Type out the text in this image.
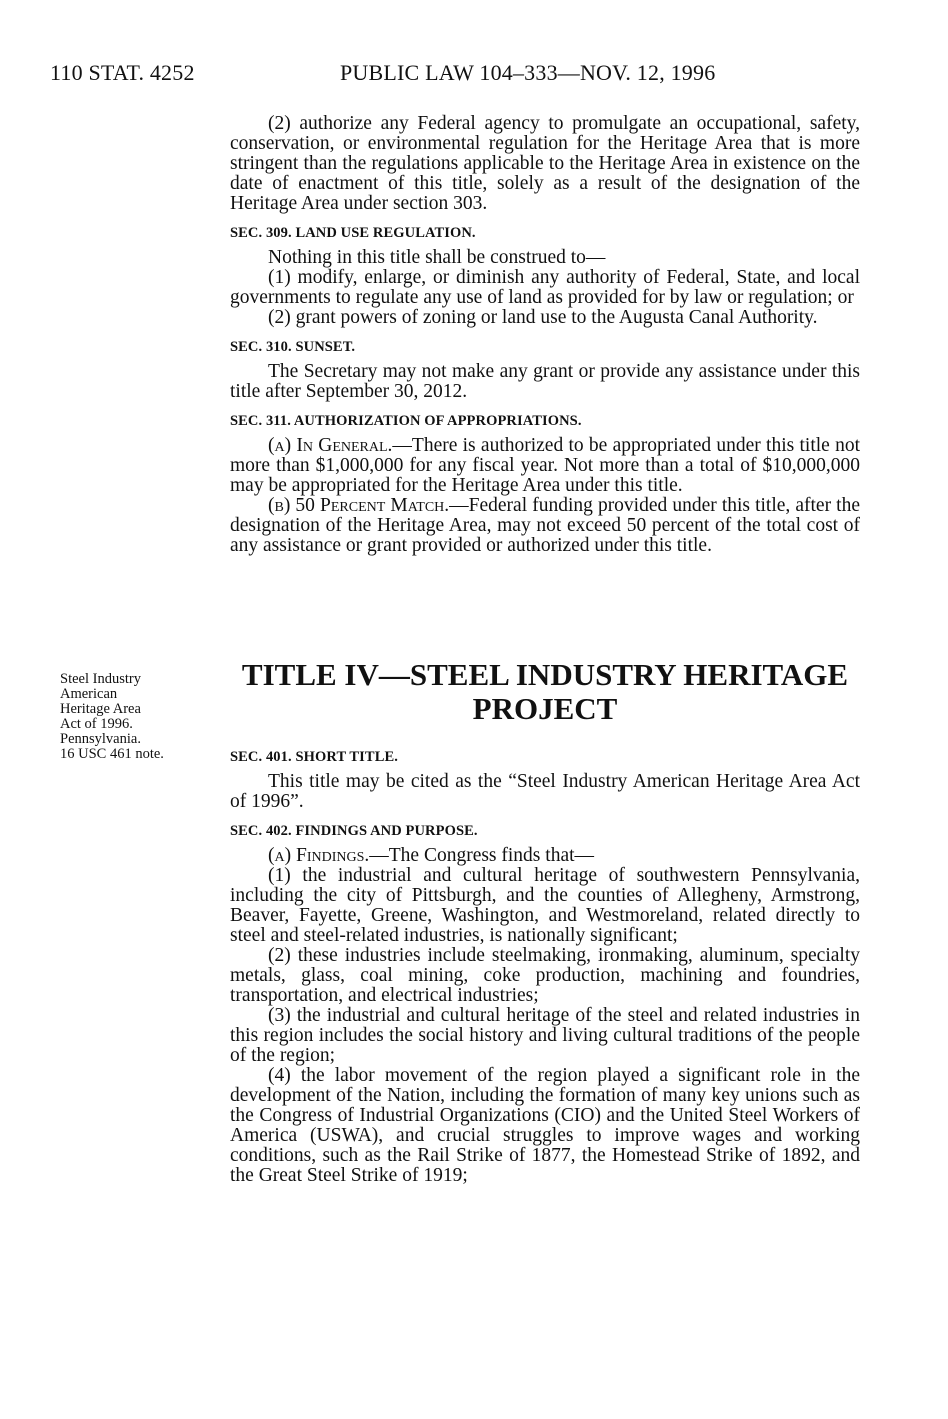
110 STAT. 4252	PUBLIC LAW 104–333—NOV. 12, 1996

(2) authorize any Federal agency to promulgate an occupational, safety, conservation, or environmental regulation for the Heritage Area that is more stringent than the regulations applicable to the Heritage Area in existence on the date of enactment of this title, solely as a result of the designation of the Heritage Area under section 303.

SEC. 309. LAND USE REGULATION.

Nothing in this title shall be construed to—

(1) modify, enlarge, or diminish any authority of Federal, State, and local governments to regulate any use of land as provided for by law or regulation; or

(2) grant powers of zoning or land use to the Augusta Canal Authority.

SEC. 310. SUNSET.

The Secretary may not make any grant or provide any assistance under this title after September 30, 2012.

SEC. 311. AUTHORIZATION OF APPROPRIATIONS.

(a) In General.—There is authorized to be appropriated under this title not more than $1,000,000 for any fiscal year. Not more than a total of $10,000,000 may be appropriated for the Heritage Area under this title.

(b) 50 Percent Match.—Federal funding provided under this title, after the designation of the Heritage Area, may not exceed 50 percent of the total cost of any assistance or grant provided or authorized under this title.

Steel Industry
American
Heritage Area
Act of 1996.
Pennsylvania.
16 USC 461 note.
TITLE IV—STEEL INDUSTRY HERITAGE
PROJECT

SEC. 401. SHORT TITLE.

This title may be cited as the “Steel Industry American Heritage Area Act of 1996”.

SEC. 402. FINDINGS AND PURPOSE.

(a) Findings.—The Congress finds that—

(1) the industrial and cultural heritage of southwestern Pennsylvania, including the city of Pittsburgh, and the counties of Allegheny, Armstrong, Beaver, Fayette, Greene, Washington, and Westmoreland, related directly to steel and steel-related industries, is nationally significant;

(2) these industries include steelmaking, ironmaking, aluminum, specialty metals, glass, coal mining, coke production, machining and foundries, transportation, and electrical industries;

(3) the industrial and cultural heritage of the steel and related industries in this region includes the social history and living cultural traditions of the people of the region;

(4) the labor movement of the region played a significant role in the development of the Nation, including the formation of many key unions such as the Congress of Industrial Organizations (CIO) and the United Steel Workers of America (USWA), and crucial struggles to improve wages and working conditions, such as the Rail Strike of 1877, the Homestead Strike of 1892, and the Great Steel Strike of 1919;
